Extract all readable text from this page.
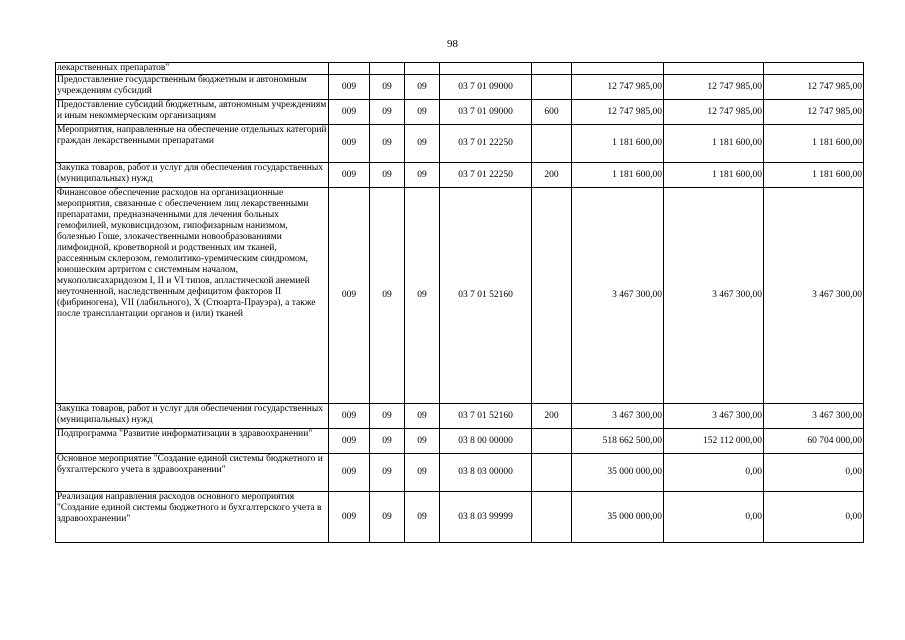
98
лекарственных препаратов"								
Предоставление государственным бюджетным и автономным учреждениям субсидий	009	09	09	03 7 01 09000		12 747 985,00	12 747 985,00	12 747 985,00
Предоставление субсидий бюджетным, автономным учреждениям и иным некоммерческим организациям	009	09	09	03 7 01 09000	600	12 747 985,00	12 747 985,00	12 747 985,00
Мероприятия, направленные на обеспечение отдельных категорий граждан лекарственными препаратами	009	09	09	03 7 01 22250		1 181 600,00	1 181 600,00	1 181 600,00
Закупка товаров, работ и услуг для обеспечения государственных (муниципальных) нужд	009	09	09	03 7 01 22250	200	1 181 600,00	1 181 600,00	1 181 600,00
Финансовое обеспечение расходов на организационные мероприятия, связанные с обеспечением лиц лекарственными препаратами, предназначенными для лечения больных гемофилией, муковисцидозом, гипофизарным нанизмом, болезнью Гоше, злокачественными новообразованиями лимфоидной, кроветворной и родственных им тканей, рассеянным склерозом, гемолитико-уремическим синдромом, юношеским артритом с системным началом, мукополисахаридозом I, II и VI типов, апластической анемией неуточненной, наследственным дефицитом факторов II (фибриногена), VII (лабильного), X (Стюарта-Прауэра), а также после трансплантации органов и (или) тканей	009	09	09	03 7 01 52160		3 467 300,00	3 467 300,00	3 467 300,00
Закупка товаров, работ и услуг для обеспечения государственных (муниципальных) нужд	009	09	09	03 7 01 52160	200	3 467 300,00	3 467 300,00	3 467 300,00
Подпрограмма "Развитие информатизации в здравоохранении"	009	09	09	03 8 00 00000		518 662 500,00	152 112 000,00	60 704 000,00
Основное мероприятие "Создание единой системы бюджетного и бухгалтерского учета в здравоохранении"	009	09	09	03 8 03 00000		35 000 000,00	0,00	0,00
Реализация направления расходов основного мероприятия "Создание единой системы бюджетного и бухгалтерского учета в здравоохранении"	009	09	09	03 8 03 99999		35 000 000,00	0,00	0,00
